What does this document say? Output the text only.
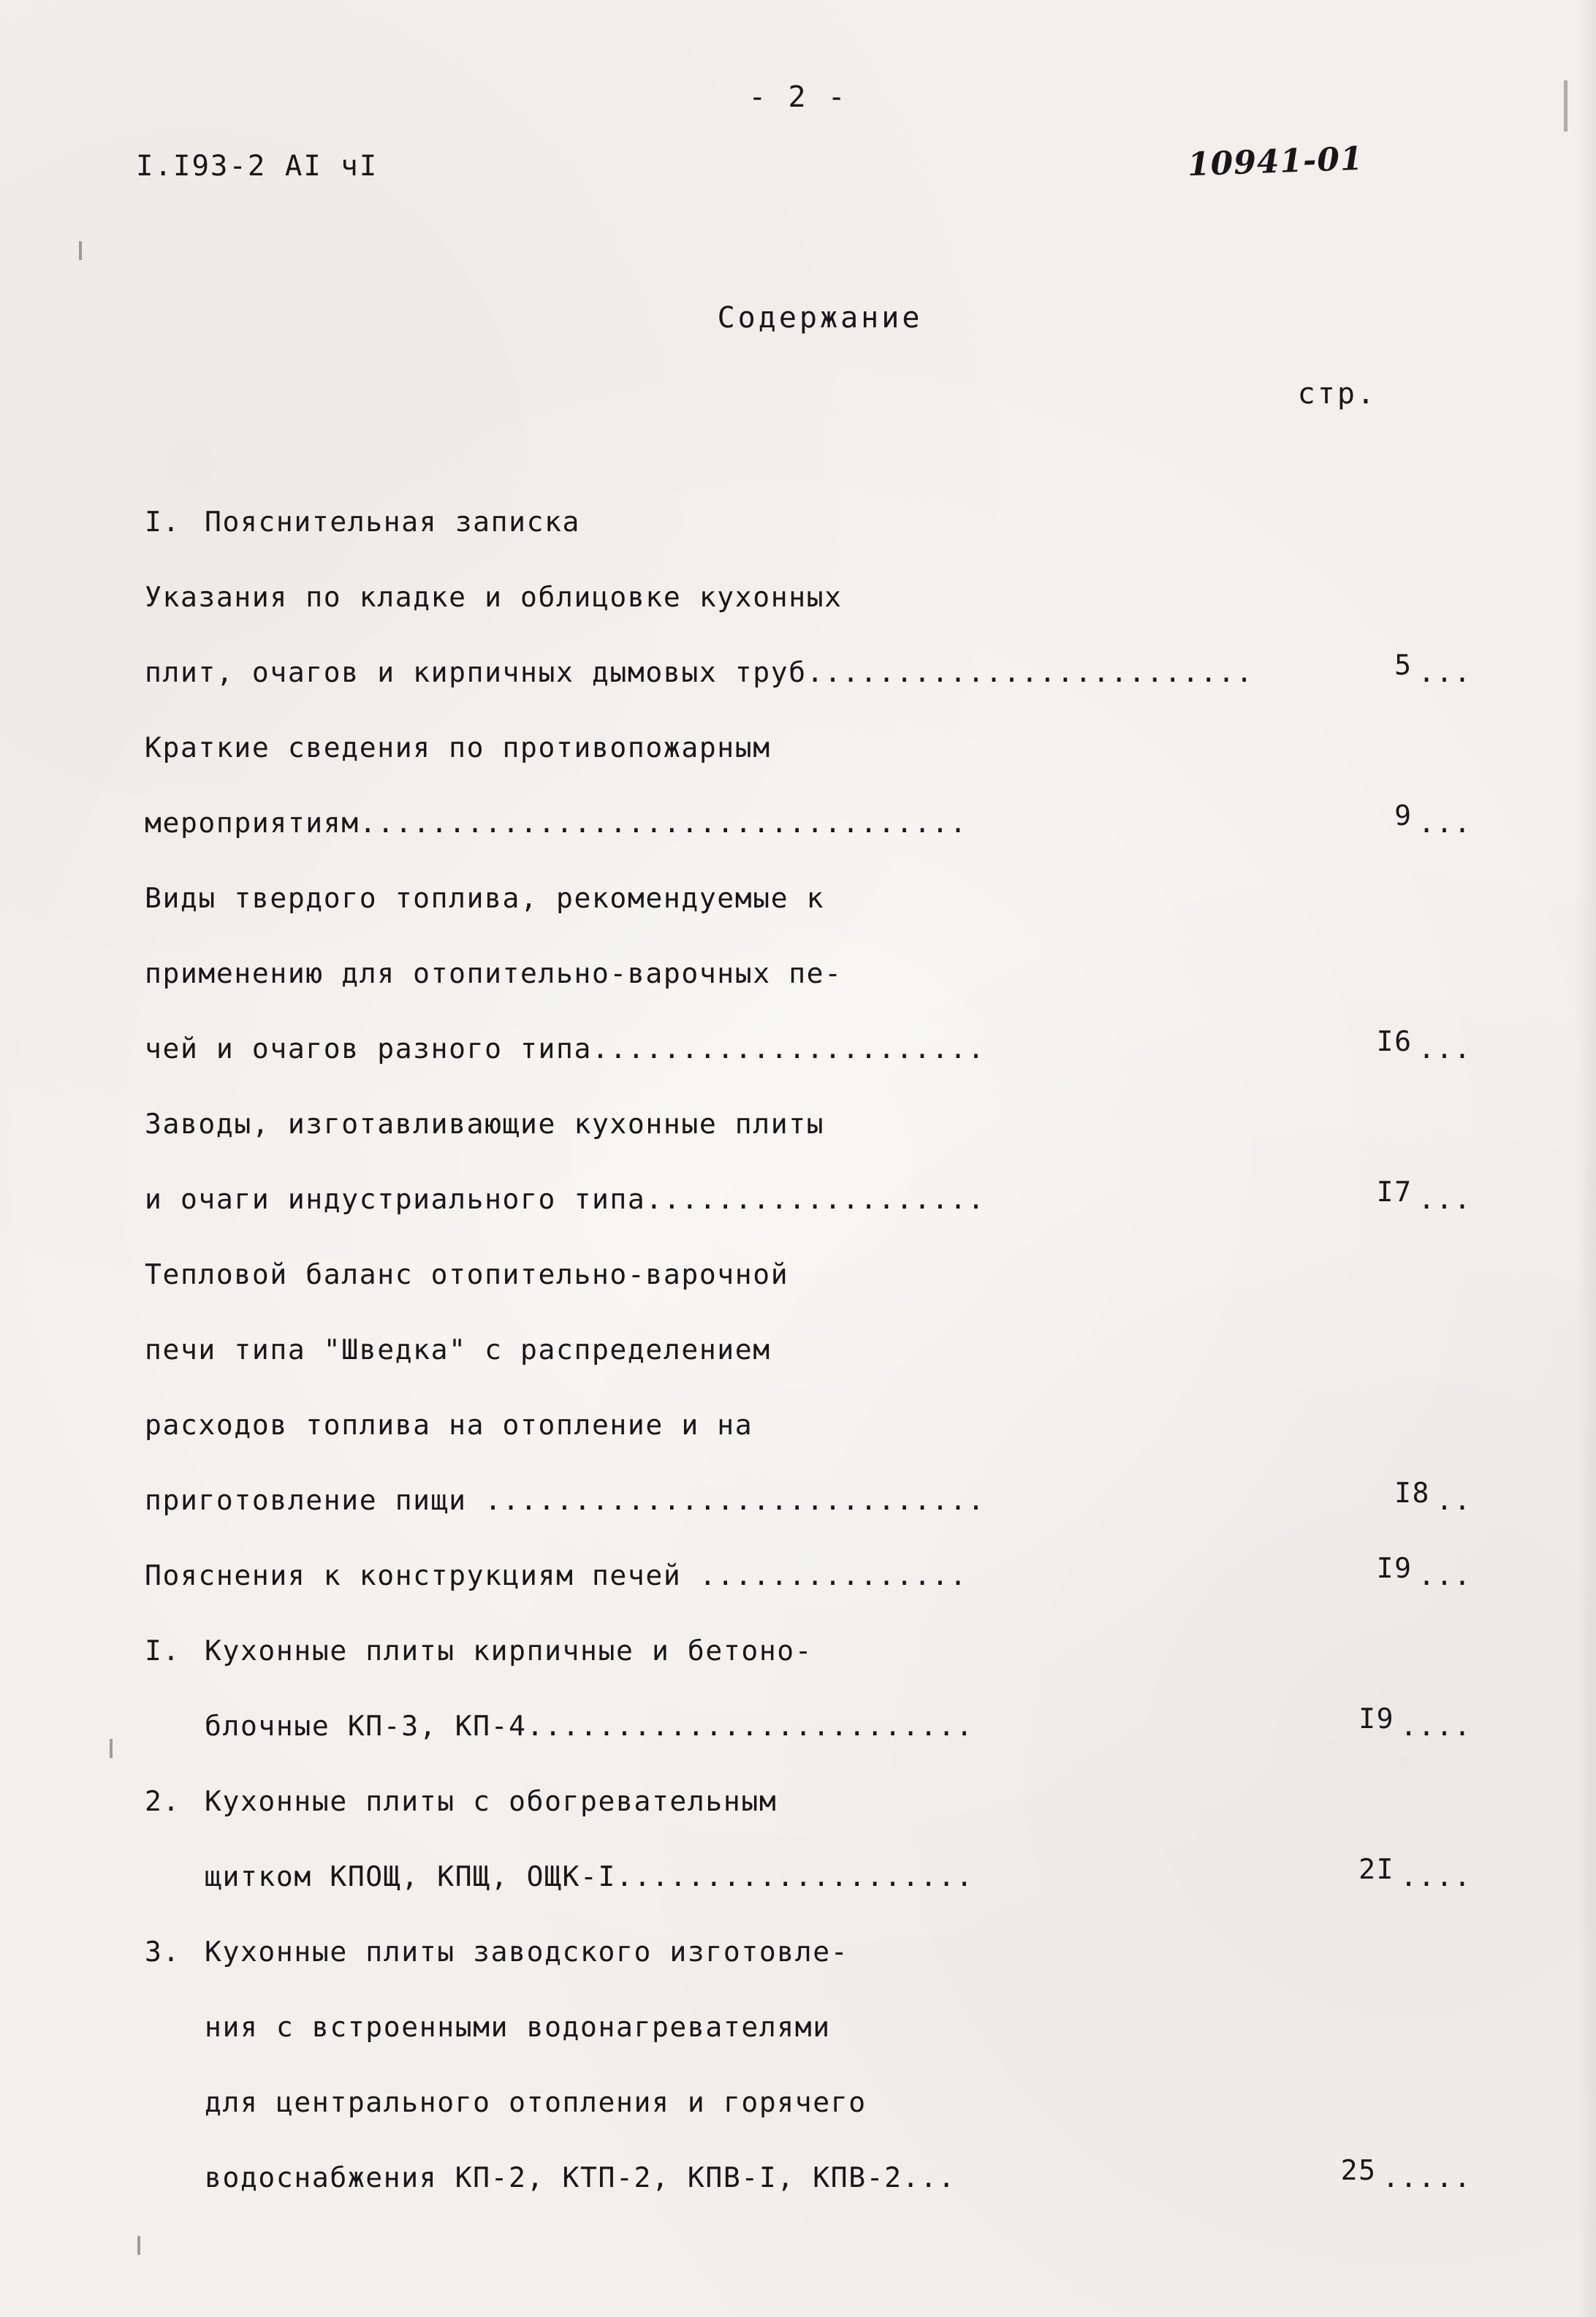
- 2 -
I.I93-2 AI чI	10941-01
Содержание
стр.
I. Пояснительная записка
Указания по кладке и облицовке кухонных
плит, очагов и кирпичных дымовых труб .........................	5 ...
Краткие сведения по противопожарным
мероприятиям ..................................	9 ...
Виды твердого топлива, рекомендуемые к
применению для отопительно-варочных пе-
чей и очагов разного типа ......................	I6 ...
Заводы, изготавливающие кухонные плиты
и очаги индустриального типа ...................	I7 ...
Тепловой баланс отопительно-варочной
печи типа "Шведка" с распределением
расходов топлива на отопление и на
приготовление пищи ............................	I8 ..
Пояснения к конструкциям печей ...............	I9 ...
I. Кухонные плиты кирпичные и бетоно-
блочные КП-3, КП-4 .........................	I9 ....
2. Кухонные плиты с обогревательным
щитком КПОЩ, КПЩ, ОЩК-I ....................	2I ....
3. Кухонные плиты заводского изготовле-
ния с встроенными водонагревателями
для центрального отопления и горячего
водоснабжения КП-2, КТП-2, КПВ-I, КПВ-2 ...	25 .....
